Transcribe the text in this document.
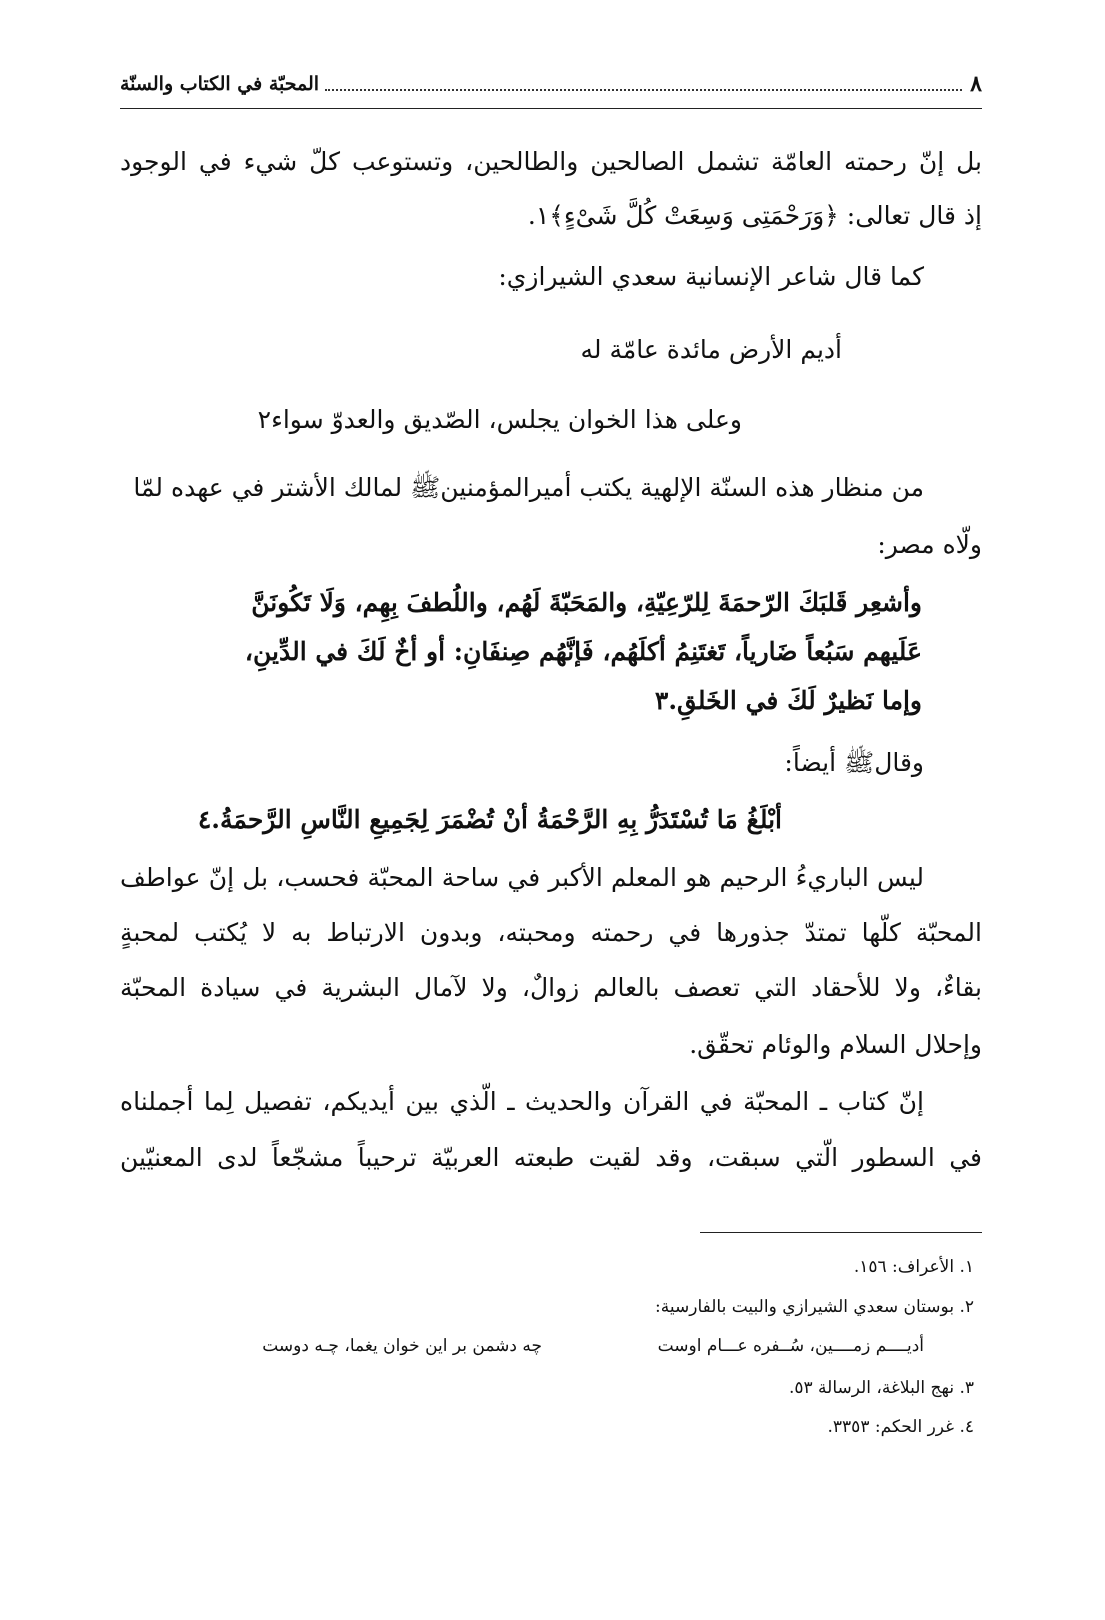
٨
المحبّة في الكتاب والسنّة
بل إنّ رحمته العامّة تشمل الصالحين والطالحين، وتستوعب كلّ شيء في الوجود
إذ قال تعالى: ﴿وَرَحْمَتِى وَسِعَتْ كُلَّ شَىْءٍ﴾١.
كما قال شاعر الإنسانية سعدي الشيرازي:
أديم الأرض مائدة عامّة له
وعلى هذا الخوان يجلس، الصّديق والعدوّ سواء٢
من منظار هذه السنّة الإلهية يكتب أميرالمؤمنين‌ﷺ لمالك الأشتر في عهده لمّا
ولّاه مصر:
وأشعِر قَلبَكَ الرّحمَةَ لِلرّعِيّةِ، والمَحَبّةَ لَهُم، واللُطفَ بِهِم، وَلَا تَكُونَنَّ
عَلَيهم سَبُعاً ضَارياً، تَغتَنِمُ أكلَهُم، فَإنَّهُم صِنفَانِ: أو أخٌ لَكَ في الدِّينِ،
وإما نَظيرٌ لَكَ في الخَلقِ.٣
وقال‌ﷺ أيضاً:
أبْلَغُ مَا تُسْتَدَرُّ بِهِ الرَّحْمَةُ أنْ تُضْمَرَ لِجَمِيعِ النَّاسِ الرَّحمَةُ.٤
ليس الباريءُ الرحيم هو المعلم الأكبر في ساحة المحبّة فحسب، بل إنّ عواطف
المحبّة كلّها تمتدّ جذورها في رحمته ومحبته، وبدون الارتباط به لا يُكتب لمحبةٍ
بقاءٌ، ولا للأحقاد التي تعصف بالعالم زوالٌ، ولا لآمال البشرية في سيادة المحبّة
وإحلال السلام والوئام تحقّق.
إنّ كتاب ـ المحبّة في القرآن والحديث ـ الّذي بين أيديكم، تفصيل لِما أجملناه
في السطور الّتي سبقت، وقد لقيت طبعته العربيّة ترحيباً مشجّعاً لدى المعنيّين
١. الأعراف: ١٥٦.
٢. بوستان سعدي الشيرازي والبيت بالفارسية:
أديــــم زمــــين، سُــفره عـــام اوست
چه دشمن بر اين خوان يغما، چـه دوست
٣. نهج البلاغة، الرسالة ٥٣.
٤. غرر الحكم: ٣٣٥٣.
